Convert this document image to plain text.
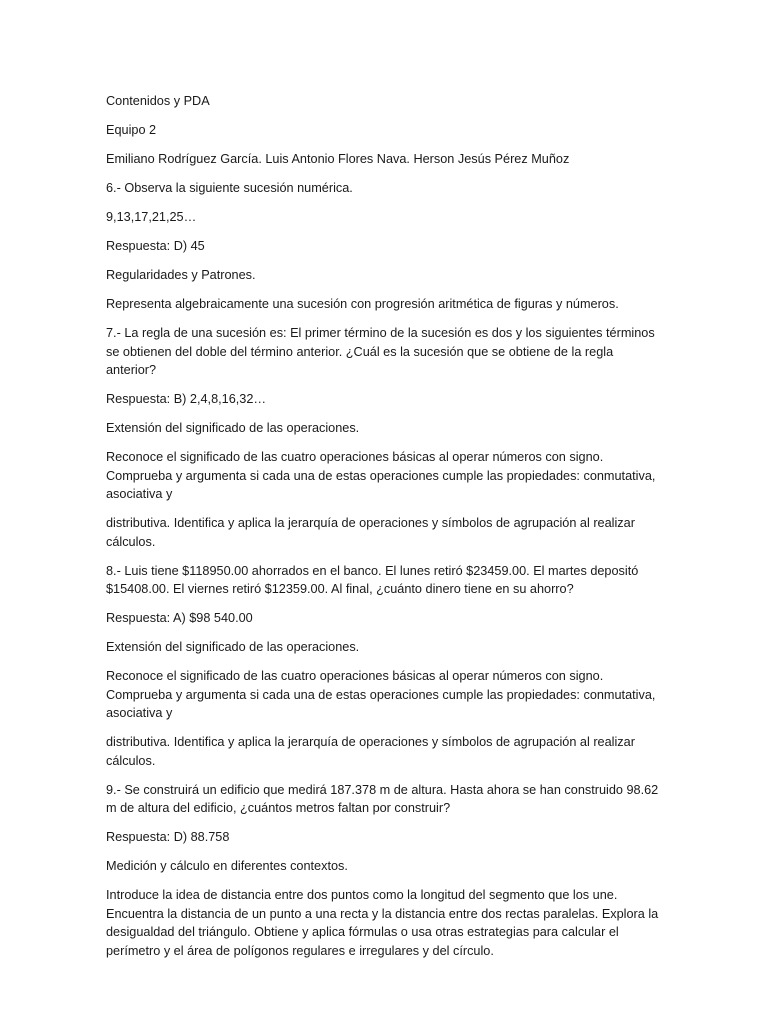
Contenidos y PDA

Equipo 2

Emiliano Rodríguez García. Luis Antonio Flores Nava. Herson Jesús Pérez Muñoz

6.- Observa la siguiente sucesión numérica.

9,13,17,21,25…

Respuesta: D) 45

Regularidades y Patrones.

Representa algebraicamente una sucesión con progresión aritmética de figuras y números.

7.- La regla de una sucesión es: El primer término de la sucesión es dos y los siguientes términos se obtienen del doble del término anterior. ¿Cuál es la sucesión que se obtiene de la regla anterior?

Respuesta: B) 2,4,8,16,32…

Extensión del significado de las operaciones.

Reconoce el significado de las cuatro operaciones básicas al operar números con signo. Comprueba y argumenta si cada una de estas operaciones cumple las propiedades: conmutativa, asociativa y

distributiva. Identifica y aplica la jerarquía de operaciones y símbolos de agrupación al realizar cálculos.

8.- Luis tiene $118950.00 ahorrados en el banco. El lunes retiró $23459.00. El martes depositó $15408.00. El viernes retiró $12359.00. Al final, ¿cuánto dinero tiene en su ahorro?

Respuesta: A) $98 540.00

Extensión del significado de las operaciones.

Reconoce el significado de las cuatro operaciones básicas al operar números con signo. Comprueba y argumenta si cada una de estas operaciones cumple las propiedades: conmutativa, asociativa y

distributiva. Identifica y aplica la jerarquía de operaciones y símbolos de agrupación al realizar cálculos.

9.- Se construirá un edificio que medirá 187.378 m de altura. Hasta ahora se han construido 98.62 m de altura del edificio, ¿cuántos metros faltan por construir?

Respuesta: D) 88.758

Medición y cálculo en diferentes contextos.

Introduce la idea de distancia entre dos puntos como la longitud del segmento que los une. Encuentra la distancia de un punto a una recta y la distancia entre dos rectas paralelas. Explora la desigualdad del triángulo. Obtiene y aplica fórmulas o usa otras estrategias para calcular el perímetro y el área de polígonos regulares e irregulares y del círculo.
